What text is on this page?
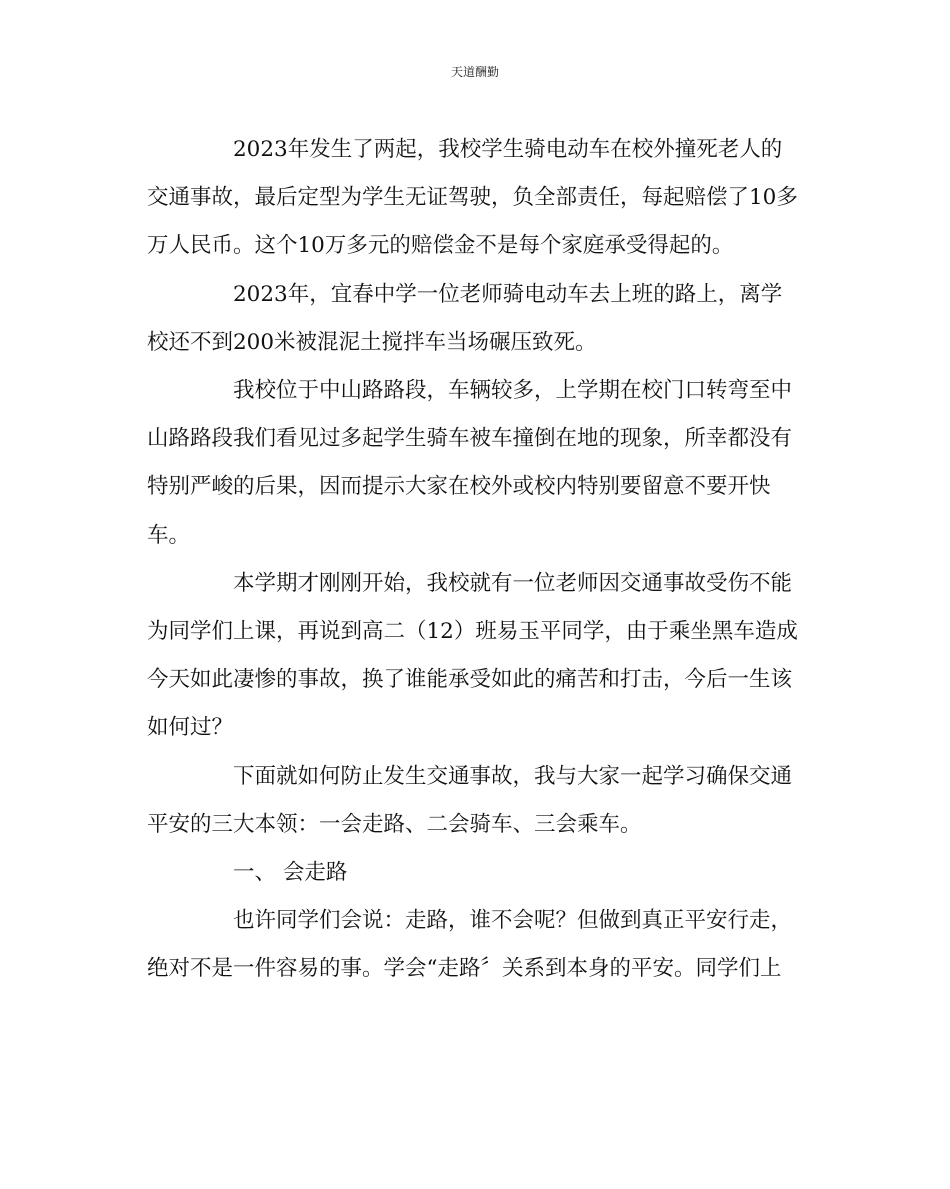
天道酬勤

2023年发生了两起，我校学生骑电动车在校外撞死老人的交通事故，最后定型为学生无证驾驶，负全部责任，每起赔偿了10多万人民币。这个10万多元的赔偿金不是每个家庭承受得起的。

2023年，宜春中学一位老师骑电动车去上班的路上，离学校还不到200米被混泥土搅拌车当场碾压致死。

我校位于中山路路段，车辆较多，上学期在校门口转弯至中山路路段我们看见过多起学生骑车被车撞倒在地的现象，所幸都没有特别严峻的后果，因而提示大家在校外或校内特别要留意不要开快车。

本学期才刚刚开始，我校就有一位老师因交通事故受伤不能为同学们上课，再说到高二（12）班易玉平同学，由于乘坐黑车造成今天如此凄惨的事故，换了谁能承受如此的痛苦和打击，今后一生该如何过？

下面就如何防止发生交通事故，我与大家一起学习确保交通平安的三大本领：一会走路、二会骑车、三会乘车。

一、 会走路

也许同学们会说：走路，谁不会呢？但做到真正平安行走，绝对不是一件容易的事。学会“走路〞关系到本身的平安。同学们上
